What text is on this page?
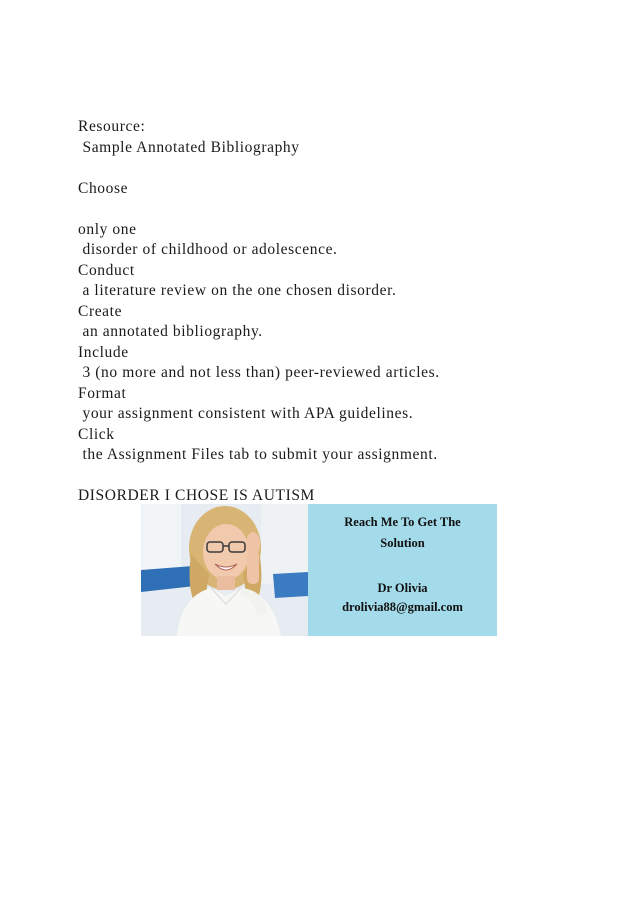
Resource:
Sample Annotated Bibliography
Choose
only one
disorder of childhood or adolescence.
Conduct
a literature review on the one chosen disorder.
Create
an annotated bibliography.
Include
3 (no more and not less than) peer-reviewed articles.
Format
your assignment consistent with APA guidelines.
Click
the Assignment Files tab to submit your assignment.
DISORDER I CHOSE IS AUTISM
Reach Me To Get The
Solution
Dr Olivia
drolivia88@gmail.com
